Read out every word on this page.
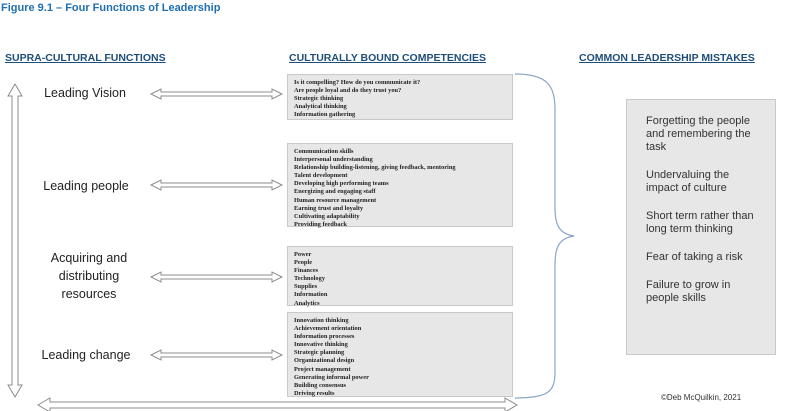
Figure 9.1 – Four Functions of Leadership
SUPRA-CULTURAL FUNCTIONS	CULTURALLY BOUND COMPETENCIES	COMMON LEADERSHIP MISTAKES
Leading Vision
Leading people
Acquiring and distributing resources
Leading change
Is it compelling? How do you communicate it?
Are people loyal and do they trust you?
Strategic thinking
Analytical thinking
Information gathering
Communication skills
Interpersonal understanding
Relationship building-listening, giving feedback, mentoring
Talent development
Developing high performing teams
Energizing and engaging staff
Human resource management
Earning trust and loyalty
Cultivating adaptability
Providing feedback
Power
People
Finances
Technology
Supplies
Information
Analytics
Innovation thinking
Achievement orientation
Information processes
Innovative thinking
Strategic planning
Organizational design
Project management
Generating informal power
Building consensus
Driving results
Forgetting the people and remembering the task
Undervaluing the impact of culture
Short term rather than long term thinking
Fear of taking a risk
Failure to grow in people skills
©Deb McQuilkin, 2021
